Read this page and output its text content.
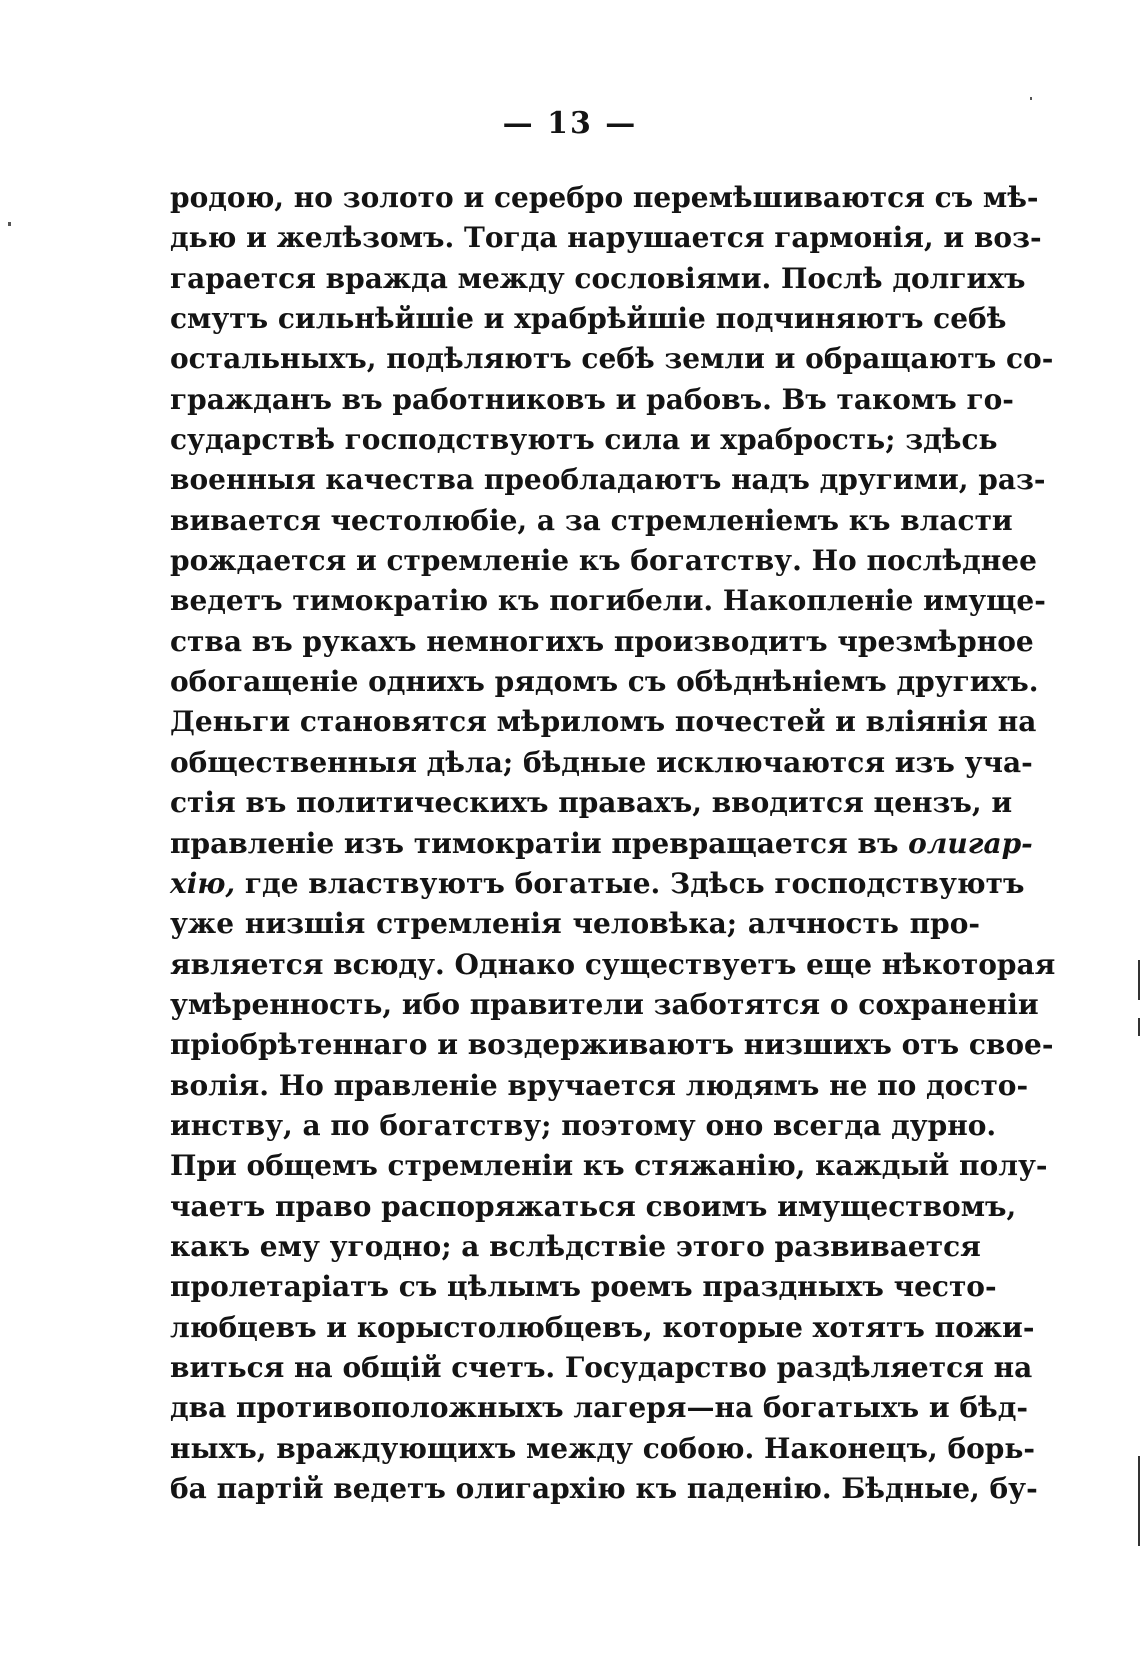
— 13 —
родою, но золото и серебро перемѣшиваются съ мѣ-
дью и желѣзомъ. Тогда нарушается гармонія, и воз-
гарается вражда между сословіями. Послѣ долгихъ
смутъ сильнѣйшіе и храбрѣйшіе подчиняютъ себѣ
остальныхъ, подѣляютъ себѣ земли и обращаютъ со-
гражданъ въ работниковъ и рабовъ. Въ такомъ го-
сударствѣ господствуютъ сила и храбрость; здѣсь
военныя качества преобладаютъ надъ другими, раз-
вивается честолюбіе, а за стремленіемъ къ власти
рождается и стремленіе къ богатству. Но послѣднее
ведетъ тимократію къ погибели. Накопленіе имуще-
ства въ рукахъ немногихъ производитъ чрезмѣрное
обогащеніе однихъ рядомъ съ обѣднѣніемъ другихъ.
Деньги становятся мѣриломъ почестей и вліянія на
общественныя дѣла; бѣдные исключаются изъ уча-
стія въ политическихъ правахъ, вводится цензъ, и
правленіе изъ тимократіи превращается въ олигар-
хію, где властвуютъ богатые. Здѣсь господствуютъ
уже низшія стремленія человѣка; алчность про-
является всюду. Однако существуетъ еще нѣкоторая
умѣренность, ибо правители заботятся о сохраненіи
пріобрѣтеннаго и воздерживаютъ низшихъ отъ свое-
волія. Но правленіе вручается людямъ не по досто-
инству, а по богатству; поэтому оно всегда дурно.
При общемъ стремленіи къ стяжанію, каждый полу-
чаетъ право распоряжаться своимъ имуществомъ,
какъ ему угодно; а вслѣдствіе этого развивается
пролетаріатъ съ цѣлымъ роемъ праздныхъ често-
любцевъ и корыстолюбцевъ, которые хотятъ пожи-
виться на общій счетъ. Государство раздѣляется на
два противоположныхъ лагеря—на богатыхъ и бѣд-
ныхъ, враждующихъ между собою. Наконецъ, борь-
ба партій ведетъ олигархію къ паденію. Бѣдные, бу-
